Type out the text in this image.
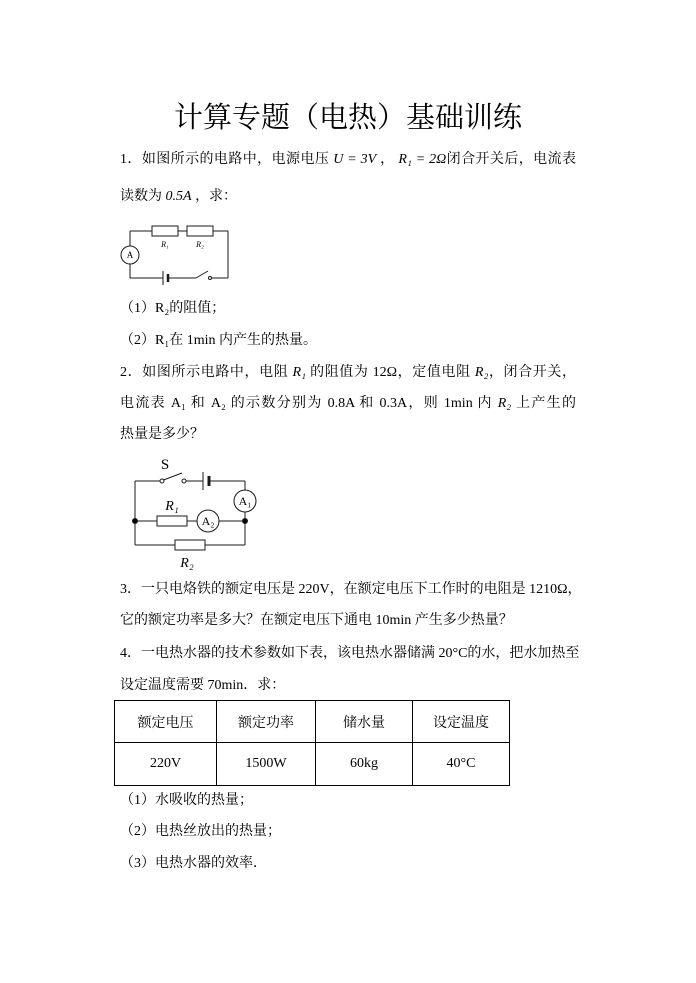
计算专题（电热）基础训练
1．如图所示的电路中，电源电压 U = 3V ， R₁ = 2Ω闭合开关后，电流表
读数为 0.5A ，求：
R₁	R₂
A
（1）R₂的阻值；
（2）R₁在 1min 内产生的热量。
2．如图所示电路中，电阻 R₁ 的阻值为 12Ω，定值电阻 R₂，闭合开关，
电流表 A₁ 和 A₂ 的示数分别为 0.8A 和 0.3A，则 1min 内 R₂ 上产生的
热量是多少？
S
A₁
R₁
A₂
R₂
3．一只电烙铁的额定电压是 220V，在额定电压下工作时的电阻是 1210Ω，
它的额定功率是多大？在额定电压下通电 10min 产生多少热量？
4．一电热水器的技术参数如下表，该电热水器储满 20°C的水，把水加热至
设定温度需要 70min．求：
额定电压	额定功率	储水量	设定温度
220V	1500W	60kg	40°C
（1）水吸收的热量；
（2）电热丝放出的热量；
（3）电热水器的效率．
